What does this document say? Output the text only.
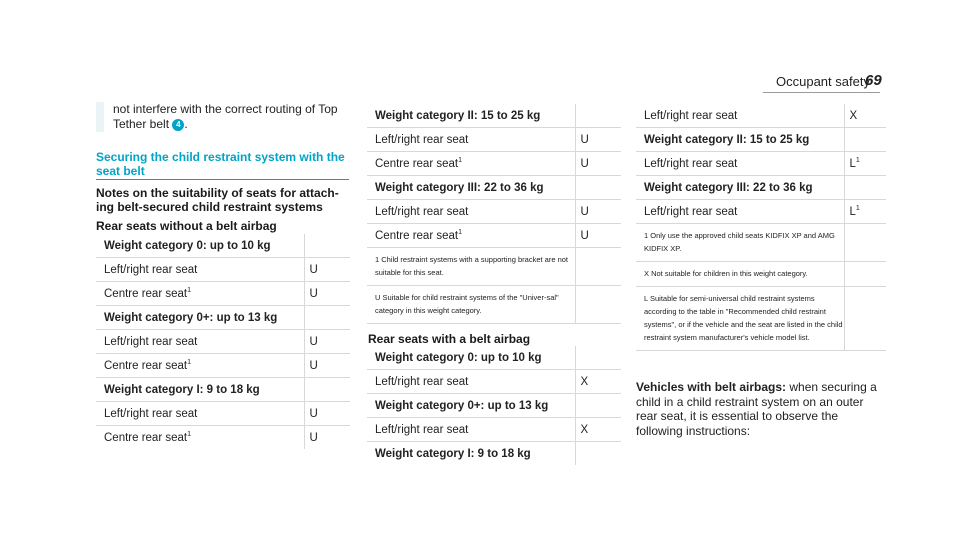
Occupant safety
69
not interfere with the correct routing of Top
Tether belt 4 .
Securing the child restraint system with the seat belt
Notes on the suitability of seats for attach-ing belt-secured child restraint systems
Rear seats without a belt airbag
Weight category 0: up to 10 kg	
Left/right rear seat	U
Centre rear seat$^1$	U
Weight category 0+: up to 13 kg	
Left/right rear seat	U
Centre rear seat$^1$	U
Weight category I: 9 to 18 kg	
Left/right rear seat	U
Centre rear seat$^1$	U
Weight category II: 15 to 25 kg	
Left/right rear seat	U
Centre rear seat$^1$	U
Weight category III: 22 to 36 kg	
Left/right rear seat	U
Centre rear seat$^1$	U
1 Child restraint systems with a supporting bracket are not suitable for this seat.	
U Suitable for child restraint systems of the "Univer-sal" category in this weight category.	
Rear seats with a belt airbag
Weight category 0: up to 10 kg	
Left/right rear seat	X
Weight category 0+: up to 13 kg	
Left/right rear seat	X
Weight category I: 9 to 18 kg	
Left/right rear seat	X
Weight category II: 15 to 25 kg	
Left/right rear seat	$L^1$
Weight category III: 22 to 36 kg	
Left/right rear seat	$L^1$
1 Only use the approved child seats KIDFIX XP and AMG KIDFIX XP.	
X Not suitable for children in this weight category.	
L Suitable for semi-universal child restraint systems according to the table in "Recommended child restraint systems", or if the vehicle and the seat are listed in the child restraint system manufacturer's vehicle model list.	
Vehicles with belt airbags: when securing a child in a child restraint system on an outer rear seat, it is essential to observe the following instructions:
